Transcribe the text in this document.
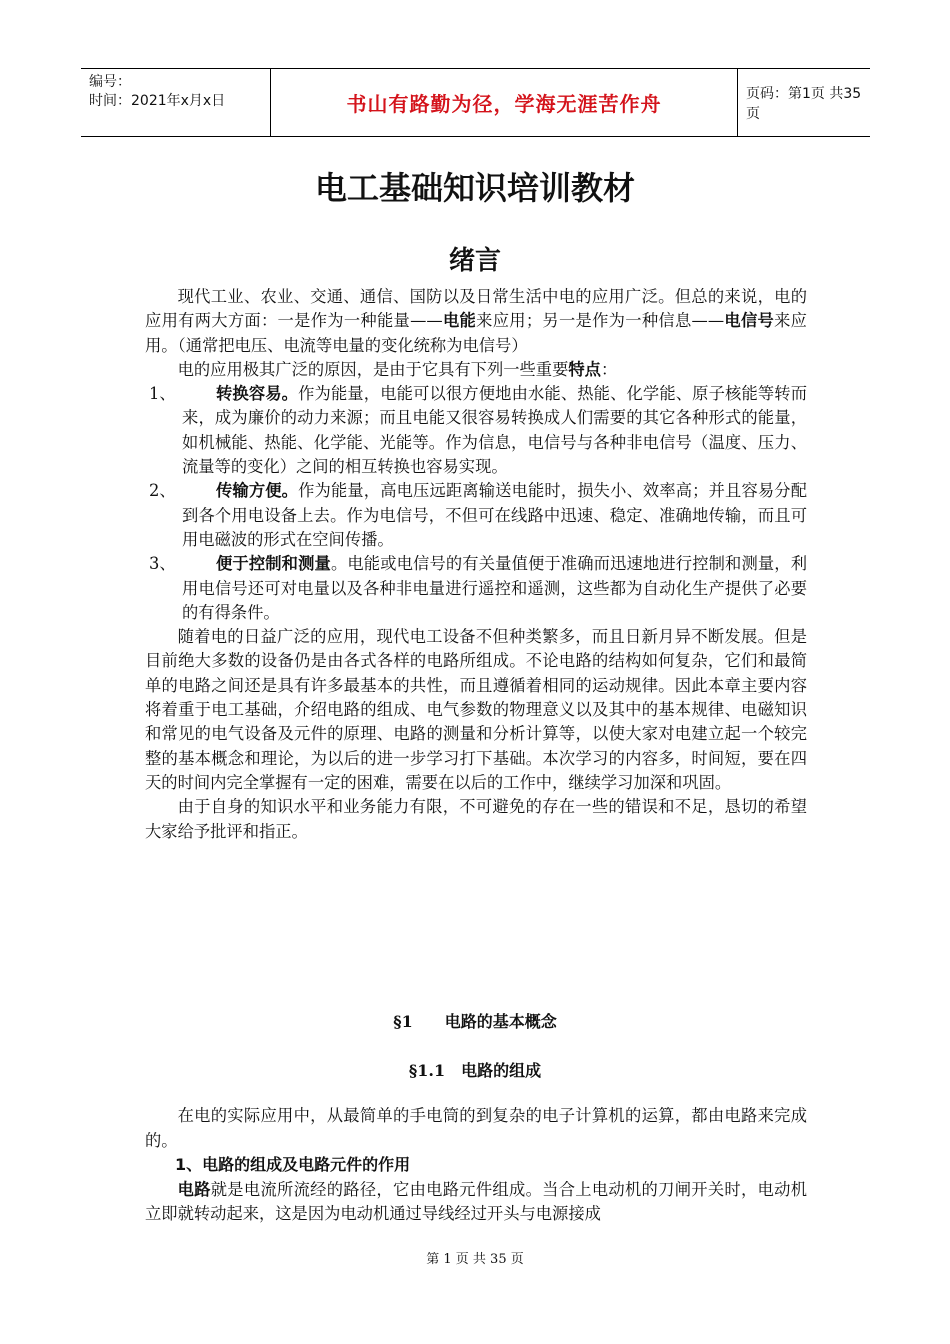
编号：
时间：2021年x月x日	书山有路勤为径，学海无涯苦作舟	页码：第1页 共35页
电工基础知识培训教材
绪言

现代工业、农业、交通、通信、国防以及日常生活中电的应用广泛。但总的来说，电的应用有两大方面：一是作为一种能量——电能来应用；另一是作为一种信息——电信号来应用。（通常把电压、电流等电量的变化统称为电信号）

电的应用极其广泛的原因，是由于它具有下列一些重要特点：

1、	转换容易。作为能量，电能可以很方便地由水能、热能、化学能、原子核能等转而来，成为廉价的动力来源；而且电能又很容易转换成人们需要的其它各种形式的能量，如机械能、热能、化学能、光能等。作为信息，电信号与各种非电信号（温度、压力、流量等的变化）之间的相互转换也容易实现。
2、	传输方便。作为能量，高电压远距离输送电能时，损失小、效率高；并且容易分配到各个用电设备上去。作为电信号，不但可在线路中迅速、稳定、准确地传输，而且可用电磁波的形式在空间传播。
3、	便于控制和测量。电能或电信号的有关量值便于准确而迅速地进行控制和测量，利用电信号还可对电量以及各种非电量进行遥控和遥测，这些都为自动化生产提供了必要的有得条件。

随着电的日益广泛的应用，现代电工设备不但种类繁多，而且日新月异不断发展。但是目前绝大多数的设备仍是由各式各样的电路所组成。不论电路的结构如何复杂，它们和最简单的电路之间还是具有许多最基本的共性，而且遵循着相同的运动规律。因此本章主要内容将着重于电工基础，介绍电路的组成、电气参数的物理意义以及其中的基本规律、电磁知识和常见的电气设备及元件的原理、电路的测量和分析计算等，以使大家对电建立起一个较完整的基本概念和理论，为以后的进一步学习打下基础。本次学习的内容多，时间短，要在四天的时间内完全掌握有一定的困难，需要在以后的工作中，继续学习加深和巩固。

由于自身的知识水平和业务能力有限，不可避免的存在一些的错误和不足，恳切的希望大家给予批评和指正。

§1　　电路的基本概念
§1.1　电路的组成

在电的实际应用中，从最简单的手电筒的到复杂的电子计算机的运算，都由电路来完成的。

1、电路的组成及电路元件的作用

电路就是电流所流经的路径，它由电路元件组成。当合上电动机的刀闸开关时，电动机立即就转动起来，这是因为电动机通过导线经过开头与电源接成

第 1 页 共 35 页
